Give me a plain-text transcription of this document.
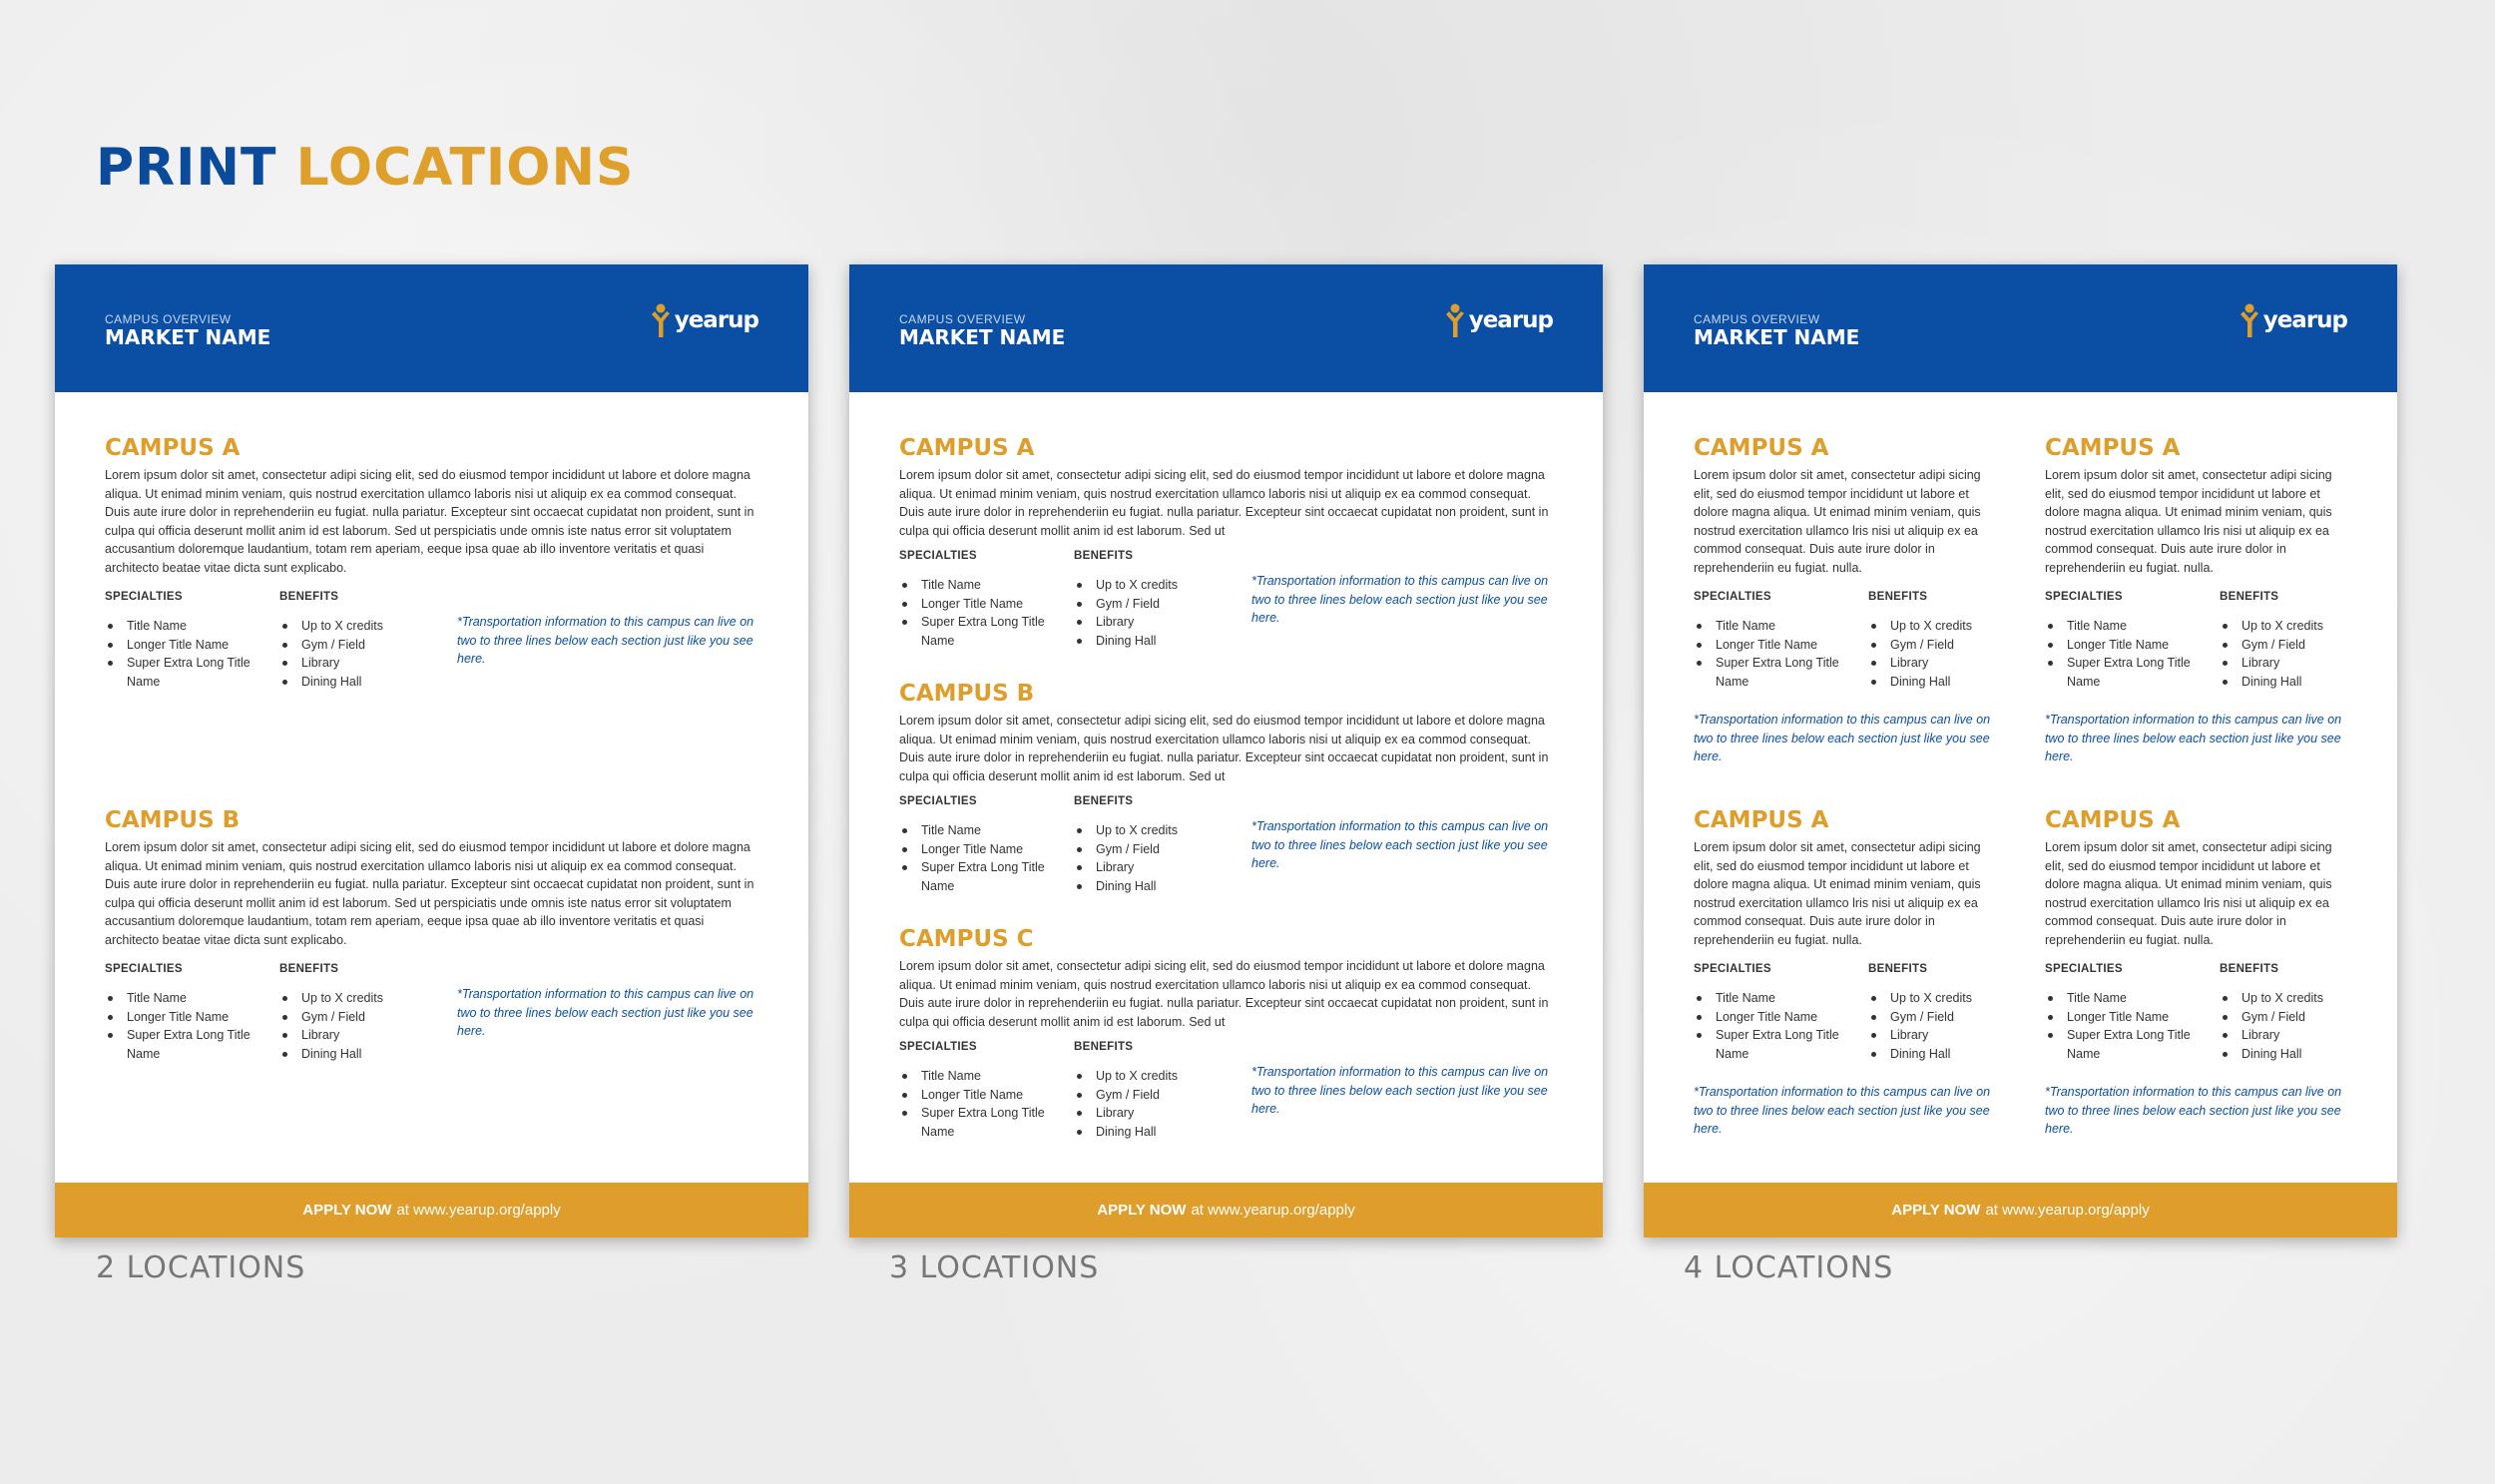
PRINT LOCATIONS
CAMPUS OVERVIEW
MARKET NAME
yearup
APPLY NOW at www.yearup.org/apply
CAMPUS A

Lorem ipsum dolor sit amet, consectetur adipi sicing elit, sed do eiusmod tempor incididunt ut labore et dolore magna aliqua. Ut enimad minim veniam, quis nostrud exercitation ullamco laboris nisi ut aliquip ex ea commod consequat. Duis aute irure dolor in reprehenderiin eu fugiat. nulla pariatur. Excepteur sint occaecat cupidatat non proident, sunt in culpa qui officia deserunt mollit anim id est laborum. Sed ut perspiciatis unde omnis iste natus error sit voluptatem accusantium doloremque laudantium, totam rem aperiam, eeque ipsa quae ab illo inventore veritatis et quasi architecto beatae vitae dicta sunt explicabo.

SPECIALTIES
Title Name
Longer Title Name
Super Extra Long Title Name
BENEFITS
Up to X credits
Gym / Field
Library
Dining Hall

*Transportation information to this campus can live on two to three lines below each section just like you see here.

CAMPUS B

Lorem ipsum dolor sit amet, consectetur adipi sicing elit, sed do eiusmod tempor incididunt ut labore et dolore magna aliqua. Ut enimad minim veniam, quis nostrud exercitation ullamco laboris nisi ut aliquip ex ea commod consequat. Duis aute irure dolor in reprehenderiin eu fugiat. nulla pariatur. Excepteur sint occaecat cupidatat non proident, sunt in culpa qui officia deserunt mollit anim id est laborum. Sed ut perspiciatis unde omnis iste natus error sit voluptatem accusantium doloremque laudantium, totam rem aperiam, eeque ipsa quae ab illo inventore veritatis et quasi architecto beatae vitae dicta sunt explicabo.

SPECIALTIES
Title Name
Longer Title Name
Super Extra Long Title Name
BENEFITS
Up to X credits
Gym / Field
Library
Dining Hall

*Transportation information to this campus can live on two to three lines below each section just like you see here.

2 LOCATIONS
CAMPUS OVERVIEW
MARKET NAME
yearup
APPLY NOW at www.yearup.org/apply
CAMPUS A

Lorem ipsum dolor sit amet, consectetur adipi sicing elit, sed do eiusmod tempor incididunt ut labore et dolore magna aliqua. Ut enimad minim veniam, quis nostrud exercitation ullamco laboris nisi ut aliquip ex ea commod consequat. Duis aute irure dolor in reprehenderiin eu fugiat. nulla pariatur. Excepteur sint occaecat cupidatat non proident, sunt in culpa qui officia deserunt mollit anim id est laborum. Sed ut

SPECIALTIES
Title Name
Longer Title Name
Super Extra Long Title Name
BENEFITS
Up to X credits
Gym / Field
Library
Dining Hall

*Transportation information to this campus can live on two to three lines below each section just like you see here.

CAMPUS B

Lorem ipsum dolor sit amet, consectetur adipi sicing elit, sed do eiusmod tempor incididunt ut labore et dolore magna aliqua. Ut enimad minim veniam, quis nostrud exercitation ullamco laboris nisi ut aliquip ex ea commod consequat. Duis aute irure dolor in reprehenderiin eu fugiat. nulla pariatur. Excepteur sint occaecat cupidatat non proident, sunt in culpa qui officia deserunt mollit anim id est laborum. Sed ut

SPECIALTIES
Title Name
Longer Title Name
Super Extra Long Title Name
BENEFITS
Up to X credits
Gym / Field
Library
Dining Hall

*Transportation information to this campus can live on two to three lines below each section just like you see here.

CAMPUS C

Lorem ipsum dolor sit amet, consectetur adipi sicing elit, sed do eiusmod tempor incididunt ut labore et dolore magna aliqua. Ut enimad minim veniam, quis nostrud exercitation ullamco laboris nisi ut aliquip ex ea commod consequat. Duis aute irure dolor in reprehenderiin eu fugiat. nulla pariatur. Excepteur sint occaecat cupidatat non proident, sunt in culpa qui officia deserunt mollit anim id est laborum. Sed ut

SPECIALTIES
Title Name
Longer Title Name
Super Extra Long Title Name
BENEFITS
Up to X credits
Gym / Field
Library
Dining Hall

*Transportation information to this campus can live on two to three lines below each section just like you see here.

3 LOCATIONS
CAMPUS OVERVIEW
MARKET NAME
yearup
APPLY NOW at www.yearup.org/apply
CAMPUS A

Lorem ipsum dolor sit amet, consectetur adipi sicing elit, sed do eiusmod tempor incididunt ut labore et dolore magna aliqua. Ut enimad minim veniam, quis nostrud exercitation ullamco lris nisi ut aliquip ex ea commod consequat. Duis aute irure dolor in reprehenderiin eu fugiat. nulla.

SPECIALTIES
Title Name
Longer Title Name
Super Extra Long Title Name
BENEFITS
Up to X credits
Gym / Field
Library
Dining Hall

*Transportation information to this campus can live on two to three lines below each section just like you see here.

CAMPUS A

Lorem ipsum dolor sit amet, consectetur adipi sicing elit, sed do eiusmod tempor incididunt ut labore et dolore magna aliqua. Ut enimad minim veniam, quis nostrud exercitation ullamco lris nisi ut aliquip ex ea commod consequat. Duis aute irure dolor in reprehenderiin eu fugiat. nulla.

SPECIALTIES
Title Name
Longer Title Name
Super Extra Long Title Name
BENEFITS
Up to X credits
Gym / Field
Library
Dining Hall

*Transportation information to this campus can live on two to three lines below each section just like you see here.

CAMPUS A

Lorem ipsum dolor sit amet, consectetur adipi sicing elit, sed do eiusmod tempor incididunt ut labore et dolore magna aliqua. Ut enimad minim veniam, quis nostrud exercitation ullamco lris nisi ut aliquip ex ea commod consequat. Duis aute irure dolor in reprehenderiin eu fugiat. nulla.

SPECIALTIES
Title Name
Longer Title Name
Super Extra Long Title Name
BENEFITS
Up to X credits
Gym / Field
Library
Dining Hall

*Transportation information to this campus can live on two to three lines below each section just like you see here.

CAMPUS A

Lorem ipsum dolor sit amet, consectetur adipi sicing elit, sed do eiusmod tempor incididunt ut labore et dolore magna aliqua. Ut enimad minim veniam, quis nostrud exercitation ullamco lris nisi ut aliquip ex ea commod consequat. Duis aute irure dolor in reprehenderiin eu fugiat. nulla.

SPECIALTIES
Title Name
Longer Title Name
Super Extra Long Title Name
BENEFITS
Up to X credits
Gym / Field
Library
Dining Hall

*Transportation information to this campus can live on two to three lines below each section just like you see here.

4 LOCATIONS
